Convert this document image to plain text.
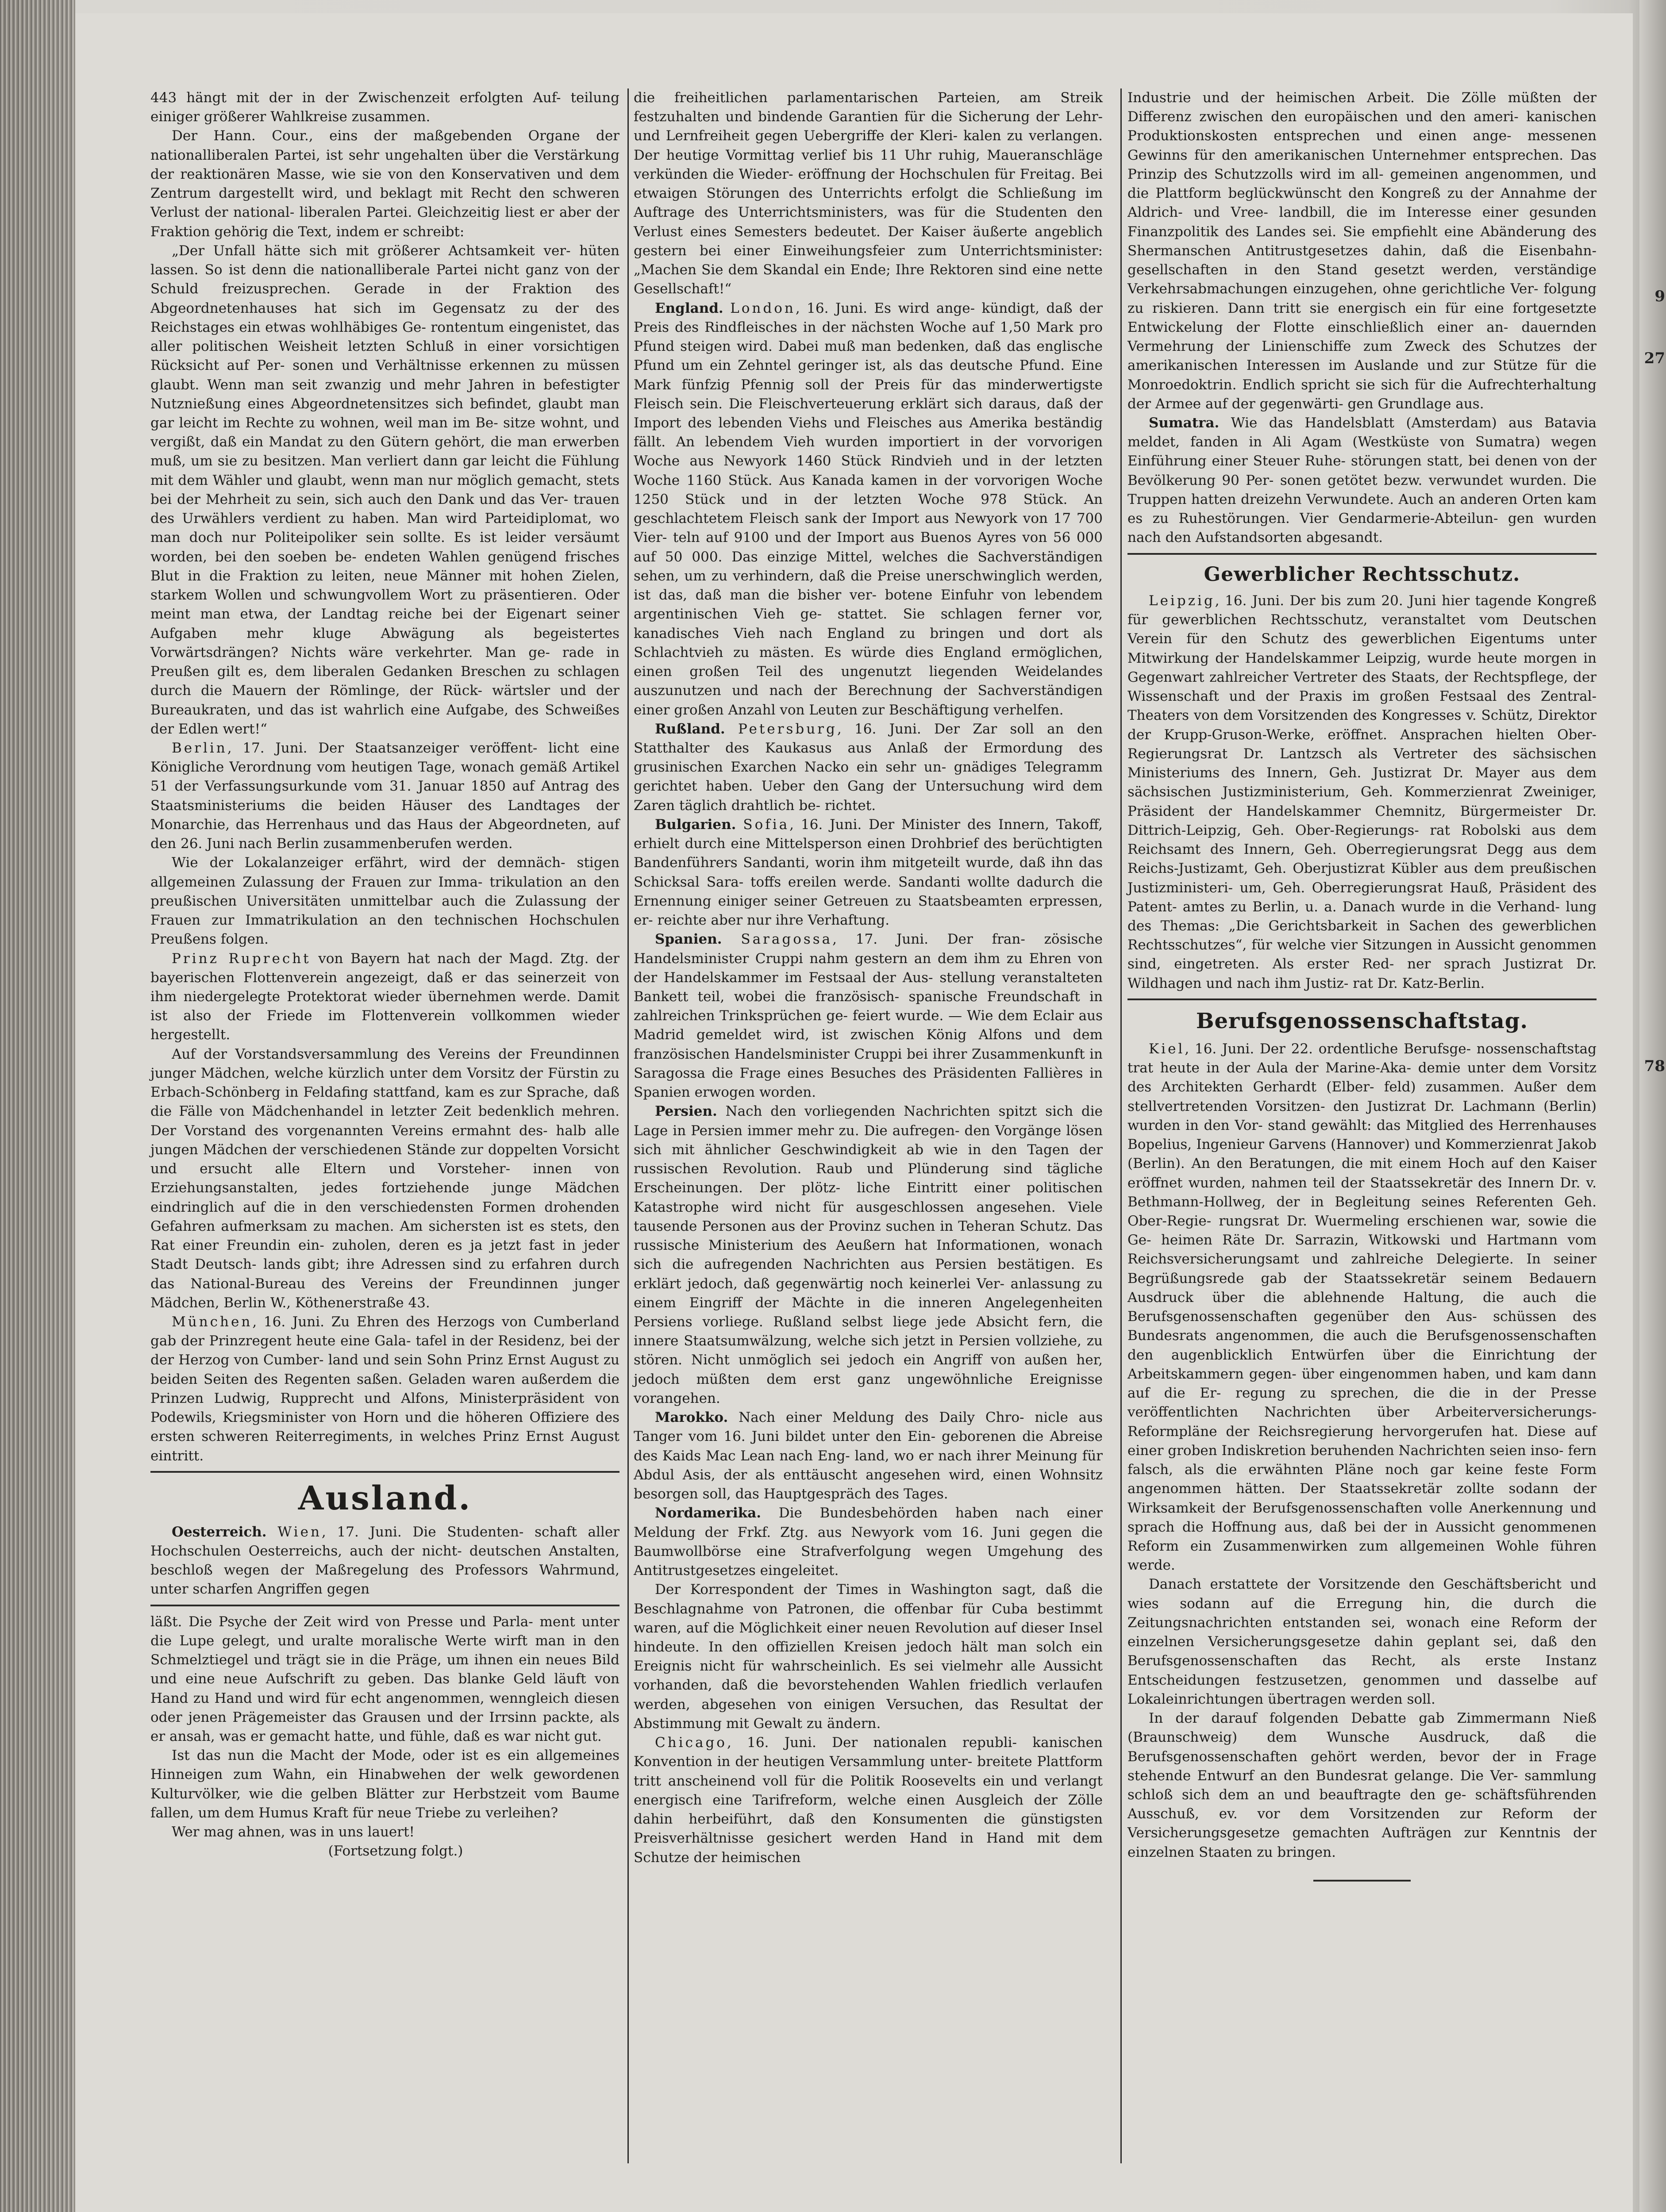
443 hängt mit der in der Zwischenzeit erfolgten Auf- teilung einiger größerer Wahlkreise zusammen.

Der Hann. Cour., eins der maßgebenden Organe der nationalliberalen Partei, ist sehr ungehalten über die Verstärkung der reaktionären Masse, wie sie von den Konservativen und dem Zentrum dargestellt wird, und beklagt mit Recht den schweren Verlust der national- liberalen Partei. Gleichzeitig liest er aber der Fraktion gehörig die Text, indem er schreibt:

„Der Unfall hätte sich mit größerer Achtsamkeit ver- hüten lassen. So ist denn die nationalliberale Partei nicht ganz von der Schuld freizusprechen. Gerade in der Fraktion des Abgeordnetenhauses hat sich im Gegensatz zu der des Reichstages ein etwas wohlhäbiges Ge- rontentum eingenistet, das aller politischen Weisheit letzten Schluß in einer vorsichtigen Rücksicht auf Per- sonen und Verhältnisse erkennen zu müssen glaubt. Wenn man seit zwanzig und mehr Jahren in befestigter Nutznießung eines Abgeordnetensitzes sich befindet, glaubt man gar leicht im Rechte zu wohnen, weil man im Be- sitze wohnt, und vergißt, daß ein Mandat zu den Gütern gehört, die man erwerben muß, um sie zu besitzen. Man verliert dann gar leicht die Fühlung mit dem Wähler und glaubt, wenn man nur möglich gemacht, stets bei der Mehrheit zu sein, sich auch den Dank und das Ver- trauen des Urwählers verdient zu haben. Man wird Parteidiplomat, wo man doch nur Politeipoliker sein sollte. Es ist leider versäumt worden, bei den soeben be- endeten Wahlen genügend frisches Blut in die Fraktion zu leiten, neue Männer mit hohen Zielen, starkem Wollen und schwungvollem Wort zu präsentieren. Oder meint man etwa, der Landtag reiche bei der Eigenart seiner Aufgaben mehr kluge Abwägung als begeistertes Vorwärtsdrängen? Nichts wäre verkehrter. Man ge- rade in Preußen gilt es, dem liberalen Gedanken Breschen zu schlagen durch die Mauern der Römlinge, der Rück- wärtsler und der Bureaukraten, und das ist wahrlich eine Aufgabe, des Schweißes der Edlen wert!“

Berlin, 17. Juni. Der Staatsanzeiger veröffent- licht eine Königliche Verordnung vom heutigen Tage, wonach gemäß Artikel 51 der Verfassungsurkunde vom 31. Januar 1850 auf Antrag des Staatsministeriums die beiden Häuser des Landtages der Monarchie, das Herrenhaus und das Haus der Abgeordneten, auf den 26. Juni nach Berlin zusammenberufen werden.

Wie der Lokalanzeiger erfährt, wird der demnäch- stigen allgemeinen Zulassung der Frauen zur Imma- trikulation an den preußischen Universitäten unmittelbar auch die Zulassung der Frauen zur Immatrikulation an den technischen Hochschulen Preußens folgen.

Prinz Ruprecht von Bayern hat nach der Magd. Ztg. der bayerischen Flottenverein angezeigt, daß er das seinerzeit von ihm niedergelegte Protektorat wieder übernehmen werde. Damit ist also der Friede im Flottenverein vollkommen wieder hergestellt.

Auf der Vorstandsversammlung des Vereins der Freundinnen junger Mädchen, welche kürzlich unter dem Vorsitz der Fürstin zu Erbach-Schönberg in Feldafing stattfand, kam es zur Sprache, daß die Fälle von Mädchenhandel in letzter Zeit bedenklich mehren. Der Vorstand des vorgenannten Vereins ermahnt des- halb alle jungen Mädchen der verschiedenen Stände zur doppelten Vorsicht und ersucht alle Eltern und Vorsteher- innen von Erziehungsanstalten, jedes fortziehende junge Mädchen eindringlich auf die in den verschiedensten Formen drohenden Gefahren aufmerksam zu machen. Am sichersten ist es stets, den Rat einer Freundin ein- zuholen, deren es ja jetzt fast in jeder Stadt Deutsch- lands gibt; ihre Adressen sind zu erfahren durch das National-Bureau des Vereins der Freundinnen junger Mädchen, Berlin W., Köthenerstraße 43.

München, 16. Juni. Zu Ehren des Herzogs von Cumberland gab der Prinzregent heute eine Gala- tafel in der Residenz, bei der der Herzog von Cumber- land und sein Sohn Prinz Ernst August zu beiden Seiten des Regenten saßen. Geladen waren außerdem die Prinzen Ludwig, Rupprecht und Alfons, Ministerpräsident von Podewils, Kriegsminister von Horn und die höheren Offiziere des ersten schweren Reiterregiments, in welches Prinz Ernst August eintritt.

Ausland.

Oesterreich. Wien, 17. Juni. Die Studenten- schaft aller Hochschulen Oesterreichs, auch der nicht- deutschen Anstalten, beschloß wegen der Maßregelung des Professors Wahrmund, unter scharfen Angriffen gegen

läßt. Die Psyche der Zeit wird von Presse und Parla- ment unter die Lupe gelegt, und uralte moralische Werte wirft man in den Schmelztiegel und trägt sie in die Präge, um ihnen ein neues Bild und eine neue Aufschrift zu geben. Das blanke Geld läuft von Hand zu Hand und wird für echt angenommen, wenngleich diesen oder jenen Prägemeister das Grausen und der Irrsinn packte, als er ansah, was er gemacht hatte, und fühle, daß es war nicht gut.

Ist das nun die Macht der Mode, oder ist es ein allgemeines Hinneigen zum Wahn, ein Hinabwehen der welk gewordenen Kulturvölker, wie die gelben Blätter zur Herbstzeit vom Baume fallen, um dem Humus Kraft für neue Triebe zu verleihen?

Wer mag ahnen, was in uns lauert!

(Fortsetzung folgt.)

die freiheitlichen parlamentarischen Parteien, am Streik festzuhalten und bindende Garantien für die Sicherung der Lehr- und Lernfreiheit gegen Uebergriffe der Kleri- kalen zu verlangen. Der heutige Vormittag verlief bis 11 Uhr ruhig, Maueranschläge verkünden die Wieder- eröffnung der Hochschulen für Freitag. Bei etwaigen Störungen des Unterrichts erfolgt die Schließung im Auftrage des Unterrichtsministers, was für die Studenten den Verlust eines Semesters bedeutet. Der Kaiser äußerte angeblich gestern bei einer Einweihungsfeier zum Unterrichtsminister: „Machen Sie dem Skandal ein Ende; Ihre Rektoren sind eine nette Gesellschaft!“

England. London, 16. Juni. Es wird ange- kündigt, daß der Preis des Rindfleisches in der nächsten Woche auf 1,50 Mark pro Pfund steigen wird. Dabei muß man bedenken, daß das englische Pfund um ein Zehntel geringer ist, als das deutsche Pfund. Eine Mark fünfzig Pfennig soll der Preis für das minderwertigste Fleisch sein. Die Fleischverteuerung erklärt sich daraus, daß der Import des lebenden Viehs und Fleisches aus Amerika beständig fällt. An lebendem Vieh wurden importiert in der vorvorigen Woche aus Newyork 1460 Stück Rindvieh und in der letzten Woche 1160 Stück. Aus Kanada kamen in der vorvorigen Woche 1250 Stück und in der letzten Woche 978 Stück. An geschlachtetem Fleisch sank der Import aus Newyork von 17 700 Vier- teln auf 9100 und der Import aus Buenos Ayres von 56 000 auf 50 000. Das einzige Mittel, welches die Sachverständigen sehen, um zu verhindern, daß die Preise unerschwinglich werden, ist das, daß man die bisher ver- botene Einfuhr von lebendem argentinischen Vieh ge- stattet. Sie schlagen ferner vor, kanadisches Vieh nach England zu bringen und dort als Schlachtvieh zu mästen. Es würde dies England ermöglichen, einen großen Teil des ungenutzt liegenden Weidelandes auszunutzen und nach der Berechnung der Sachverständigen einer großen Anzahl von Leuten zur Beschäftigung verhelfen.

Rußland. Petersburg, 16. Juni. Der Zar soll an den Statthalter des Kaukasus aus Anlaß der Ermordung des grusinischen Exarchen Nacko ein sehr un- gnädiges Telegramm gerichtet haben. Ueber den Gang der Untersuchung wird dem Zaren täglich drahtlich be- richtet.

Bulgarien. Sofia, 16. Juni. Der Minister des Innern, Takoff, erhielt durch eine Mittelsperson einen Drohbrief des berüchtigten Bandenführers Sandanti, worin ihm mitgeteilt wurde, daß ihn das Schicksal Sara- toffs ereilen werde. Sandanti wollte dadurch die Ernennung einiger seiner Getreuen zu Staatsbeamten erpressen, er- reichte aber nur ihre Verhaftung.

Spanien. Saragossa, 17. Juni. Der fran- zösische Handelsminister Cruppi nahm gestern an dem ihm zu Ehren von der Handelskammer im Festsaal der Aus- stellung veranstalteten Bankett teil, wobei die französisch- spanische Freundschaft in zahlreichen Trinksprüchen ge- feiert wurde. — Wie dem Eclair aus Madrid gemeldet wird, ist zwischen König Alfons und dem französischen Handelsminister Cruppi bei ihrer Zusammenkunft in Saragossa die Frage eines Besuches des Präsidenten Fallières in Spanien erwogen worden.

Persien. Nach den vorliegenden Nachrichten spitzt sich die Lage in Persien immer mehr zu. Die aufregen- den Vorgänge lösen sich mit ähnlicher Geschwindigkeit ab wie in den Tagen der russischen Revolution. Raub und Plünderung sind tägliche Erscheinungen. Der plötz- liche Eintritt einer politischen Katastrophe wird nicht für ausgeschlossen angesehen. Viele tausende Personen aus der Provinz suchen in Teheran Schutz. Das russische Ministerium des Aeußern hat Informationen, wonach sich die aufregenden Nachrichten aus Persien bestätigen. Es erklärt jedoch, daß gegenwärtig noch keinerlei Ver- anlassung zu einem Eingriff der Mächte in die inneren Angelegenheiten Persiens vorliege. Rußland selbst liege jede Absicht fern, die innere Staatsumwälzung, welche sich jetzt in Persien vollziehe, zu stören. Nicht unmöglich sei jedoch ein Angriff von außen her, jedoch müßten dem erst ganz ungewöhnliche Ereignisse vorangehen.

Marokko. Nach einer Meldung des Daily Chro- nicle aus Tanger vom 16. Juni bildet unter den Ein- geborenen die Abreise des Kaids Mac Lean nach Eng- land, wo er nach ihrer Meinung für Abdul Asis, der als enttäuscht angesehen wird, einen Wohnsitz besorgen soll, das Hauptgespräch des Tages.

Nordamerika. Die Bundesbehörden haben nach einer Meldung der Frkf. Ztg. aus Newyork vom 16. Juni gegen die Baumwollbörse eine Strafverfolgung wegen Umgehung des Antitrustgesetzes eingeleitet.

Der Korrespondent der Times in Washington sagt, daß die Beschlagnahme von Patronen, die offenbar für Cuba bestimmt waren, auf die Möglichkeit einer neuen Revolution auf dieser Insel hindeute. In den offiziellen Kreisen jedoch hält man solch ein Ereignis nicht für wahrscheinlich. Es sei vielmehr alle Aussicht vorhanden, daß die bevorstehenden Wahlen friedlich verlaufen werden, abgesehen von einigen Versuchen, das Resultat der Abstimmung mit Gewalt zu ändern.

Chicago, 16. Juni. Der nationalen republi- kanischen Konvention in der heutigen Versammlung unter- breitete Plattform tritt anscheinend voll für die Politik Roosevelts ein und verlangt energisch eine Tarifreform, welche einen Ausgleich der Zölle dahin herbeiführt, daß den Konsumenten die günstigsten Preisverhältnisse gesichert werden Hand in Hand mit dem Schutze der heimischen

Industrie und der heimischen Arbeit. Die Zölle müßten der Differenz zwischen den europäischen und den ameri- kanischen Produktionskosten entsprechen und einen ange- messenen Gewinns für den amerikanischen Unternehmer entsprechen. Das Prinzip des Schutzzolls wird im all- gemeinen angenommen, und die Plattform beglückwünscht den Kongreß zu der Annahme der Aldrich- und Vree- landbill, die im Interesse einer gesunden Finanzpolitik des Landes sei. Sie empfiehlt eine Abänderung des Shermanschen Antitrustgesetzes dahin, daß die Eisenbahn- gesellschaften in den Stand gesetzt werden, verständige Verkehrsabmachungen einzugehen, ohne gerichtliche Ver- folgung zu riskieren. Dann tritt sie energisch ein für eine fortgesetzte Entwickelung der Flotte einschließlich einer an- dauernden Vermehrung der Linienschiffe zum Zweck des Schutzes der amerikanischen Interessen im Auslande und zur Stütze für die Monroedoktrin. Endlich spricht sie sich für die Aufrechterhaltung der Armee auf der gegenwärti- gen Grundlage aus.

Sumatra. Wie das Handelsblatt (Amsterdam) aus Batavia meldet, fanden in Ali Agam (Westküste von Sumatra) wegen Einführung einer Steuer Ruhe- störungen statt, bei denen von der Bevölkerung 90 Per- sonen getötet bezw. verwundet wurden. Die Truppen hatten dreizehn Verwundete. Auch an anderen Orten kam es zu Ruhestörungen. Vier Gendarmerie-Abteilun- gen wurden nach den Aufstandsorten abgesandt.

Gewerblicher Rechtsschutz.

Leipzig, 16. Juni. Der bis zum 20. Juni hier tagende Kongreß für gewerblichen Rechtsschutz, veranstaltet vom Deutschen Verein für den Schutz des gewerblichen Eigentums unter Mitwirkung der Handelskammer Leipzig, wurde heute morgen in Gegenwart zahlreicher Vertreter des Staats, der Rechtspflege, der Wissenschaft und der Praxis im großen Festsaal des Zentral-Theaters von dem Vorsitzenden des Kongresses v. Schütz, Direktor der Krupp-Gruson-Werke, eröffnet. Ansprachen hielten Ober- Regierungsrat Dr. Lantzsch als Vertreter des sächsischen Ministeriums des Innern, Geh. Justizrat Dr. Mayer aus dem sächsischen Justizministerium, Geh. Kommerzienrat Zweiniger, Präsident der Handelskammer Chemnitz, Bürgermeister Dr. Dittrich-Leipzig, Geh. Ober-Regierungs- rat Robolski aus dem Reichsamt des Innern, Geh. Oberregierungsrat Degg aus dem Reichs-Justizamt, Geh. Oberjustizrat Kübler aus dem preußischen Justizministeri- um, Geh. Oberregierungsrat Hauß, Präsident des Patent- amtes zu Berlin, u. a. Danach wurde in die Verhand- lung des Themas: „Die Gerichtsbarkeit in Sachen des gewerblichen Rechtsschutzes“, für welche vier Sitzungen in Aussicht genommen sind, eingetreten. Als erster Red- ner sprach Justizrat Dr. Wildhagen und nach ihm Justiz- rat Dr. Katz-Berlin.

Berufsgenossenschaftstag.

Kiel, 16. Juni. Der 22. ordentliche Berufsge- nossenschaftstag trat heute in der Aula der Marine-Aka- demie unter dem Vorsitz des Architekten Gerhardt (Elber- feld) zusammen. Außer dem stellvertretenden Vorsitzen- den Justizrat Dr. Lachmann (Berlin) wurden in den Vor- stand gewählt: das Mitglied des Herrenhauses Bopelius, Ingenieur Garvens (Hannover) und Kommerzienrat Jakob (Berlin). An den Beratungen, die mit einem Hoch auf den Kaiser eröffnet wurden, nahmen teil der Staatssekretär des Innern Dr. v. Bethmann-Hollweg, der in Begleitung seines Referenten Geh. Ober-Regie- rungsrat Dr. Wuermeling erschienen war, sowie die Ge- heimen Räte Dr. Sarrazin, Witkowski und Hartmann vom Reichsversicherungsamt und zahlreiche Delegierte. In seiner Begrüßungsrede gab der Staatssekretär seinem Bedauern Ausdruck über die ablehnende Haltung, die auch die Berufsgenossenschaften gegenüber den Aus- schüssen des Bundesrats angenommen, die auch die Berufsgenossenschaften den augenblicklich Entwürfen über die Einrichtung der Arbeitskammern gegen- über eingenommen haben, und kam dann auf die Er- regung zu sprechen, die die in der Presse veröffentlichten Nachrichten über Arbeiterversicherungs-Reformpläne der Reichsregierung hervorgerufen hat. Diese auf einer groben Indiskretion beruhenden Nachrichten seien inso- fern falsch, als die erwähnten Pläne noch gar keine feste Form angenommen hätten. Der Staatssekretär zollte sodann der Wirksamkeit der Berufsgenossenschaften volle Anerkennung und sprach die Hoffnung aus, daß bei der in Aussicht genommenen Reform ein Zusammenwirken zum allgemeinen Wohle führen werde.

Danach erstattete der Vorsitzende den Geschäftsbericht und wies sodann auf die Erregung hin, die durch die Zeitungsnachrichten entstanden sei, wonach eine Reform der einzelnen Versicherungsgesetze dahin geplant sei, daß den Berufsgenossenschaften das Recht, als erste Instanz Entscheidungen festzusetzen, genommen und dasselbe auf Lokaleinrichtungen übertragen werden soll.

In der darauf folgenden Debatte gab Zimmermann Nieß (Braunschweig) dem Wunsche Ausdruck, daß die Berufsgenossenschaften gehört werden, bevor der in Frage stehende Entwurf an den Bundesrat gelange. Die Ver- sammlung schloß sich dem an und beauftragte den ge- schäftsführenden Ausschuß, ev. vor dem Vorsitzenden zur Reform der Versicherungsgesetze gemachten Aufträgen zur Kenntnis der einzelnen Staaten zu bringen.

9
27
78
